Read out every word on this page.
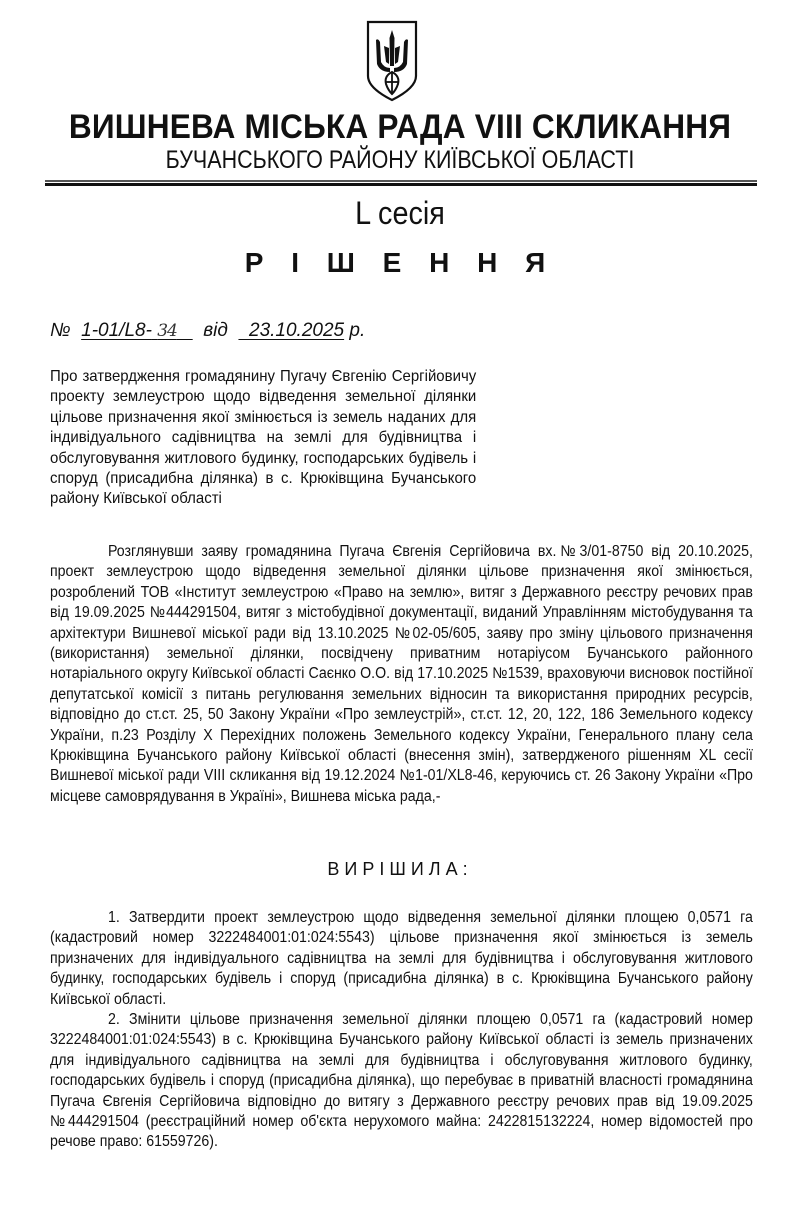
ВИШНЕВА МІСЬКА РАДА VIII СКЛИКАННЯ
БУЧАНСЬКОГО РАЙОНУ КИЇВСЬКОЇ ОБЛАСТІ
L сесія
Р І Ш Е Н Н Я
№ 1-01/L8- 34 від 23.10.2025 р.
Про затвердження громадянину Пугачу Євгенію Сергійовичу проекту землеустрою щодо відведення земельної ділянки цільове призначення якої змінюється із земель наданих для індивідуального садівництва на землі для будівництва і обслуговування житлового будинку, господарських будівель і споруд (присадибна ділянка) в с. Крюківщина Бучанського району Київської області

Розглянувши заяву громадянина Пугача Євгенія Сергійовича вх.№3/01-8750 від 20.10.2025, проект землеустрою щодо відведення земельної ділянки цільове призначення якої змінюється, розроблений ТОВ «Інститут землеустрою «Право на землю», витяг з Державного реєстру речових прав від 19.09.2025 №444291504, витяг з містобудівної документації, виданий Управлінням містобудування та архітектури Вишневої міської ради від 13.10.2025 №02-05/605, заяву про зміну цільового призначення (використання) земельної ділянки, посвідчену приватним нотаріусом Бучанського районного нотаріального округу Київської області Саєнко О.О. від 17.10.2025 №1539, враховуючи висновок постійної депутатської комісії з питань регулювання земельних відносин та використання природних ресурсів, відповідно до ст.ст. 25, 50 Закону України «Про землеустрій», ст.ст. 12, 20, 122, 186 Земельного кодексу України, п.23 Розділу X Перехідних положень Земельного кодексу України, Генерального плану села Крюківщина Бучанського району Київської області (внесення змін), затвердженого рішенням XL сесії Вишневої міської ради VIII скликання від 19.12.2024 №1-01/XL8-46, керуючись ст. 26 Закону України «Про місцеве самоврядування в Україні», Вишнева міська рада,-

ВИРІШИЛА:

1. Затвердити проект землеустрою щодо відведення земельної ділянки площею 0,0571 га (кадастровий номер 3222484001:01:024:5543) цільове призначення якої змінюється із земель призначених для індивідуального садівництва на землі для будівництва і обслуговування житлового будинку, господарських будівель і споруд (присадибна ділянка) в с. Крюківщина Бучанського району Київської області.

2. Змінити цільове призначення земельної ділянки площею 0,0571 га (кадастровий номер 3222484001:01:024:5543) в с. Крюківщина Бучанського району Київської області із земель призначених для індивідуального садівництва на землі для будівництва і обслуговування житлового будинку, господарських будівель і споруд (присадибна ділянка), що перебуває в приватній власності громадянина Пугача Євгенія Сергійовича відповідно до витягу з Державного реєстру речових прав від 19.09.2025 №444291504 (реєстраційний номер об'єкта нерухомого майна: 2422815132224, номер відомостей про речове право: 61559726).
